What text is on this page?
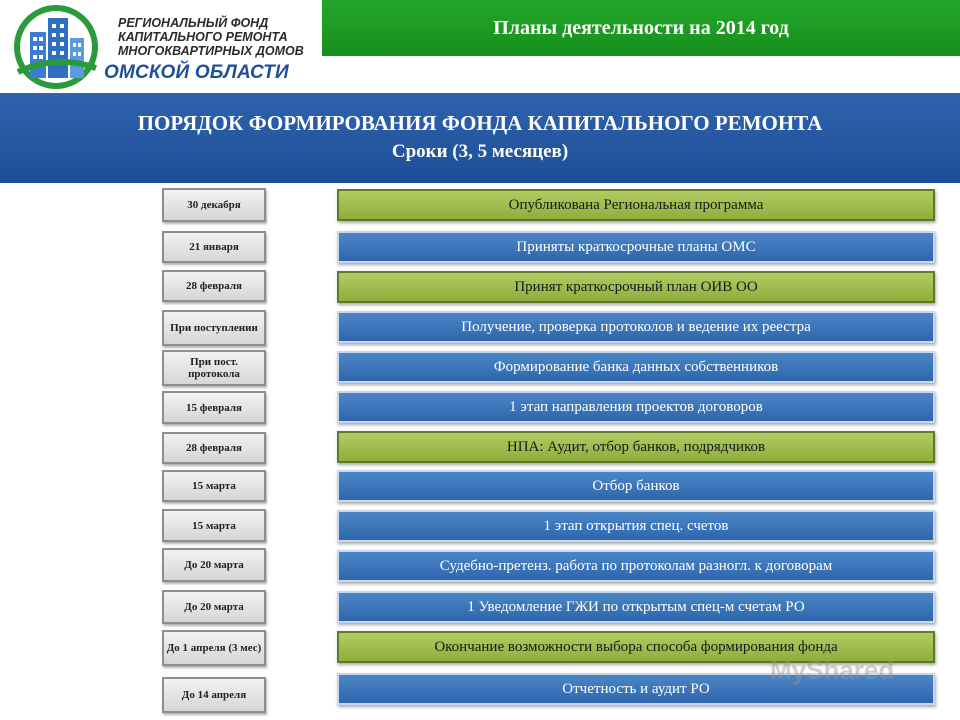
РЕГИОНАЛЬНЫЙ ФОНД
КАПИТАЛЬНОГО РЕМОНТА
МНОГОКВАРТИРНЫХ ДОМОВ
ОМСКОЙ ОБЛАСТИ
Планы деятельности на 2014 год
ПОРЯДОК ФОРМИРОВАНИЯ ФОНДА КАПИТАЛЬНОГО РЕМОНТА
Сроки (3, 5 месяцев)
30 декабря	Опубликована Региональная программа
21 января	Приняты краткосрочные планы ОМС
28 февраля	Принят краткосрочный план ОИВ ОО
При поступлении	Получение, проверка протоколов и ведение их реестра
При пост. протокола	Формирование банка данных собственников
15 февраля	1 этап направления проектов договоров
28 февраля	НПА: Аудит, отбор банков, подрядчиков
15 марта	Отбор банков
15 марта	1 этап открытия спец. счетов
До 20 марта	Судебно-претенз. работа по протоколам разногл. к договорам
До 20 марта	1 Уведомление ГЖИ по открытым спец-м счетам РО
До 1 апреля (3 мес)	Окончание возможности выбора способа формирования фонда
До 14 апреля	Отчетность и аудит РО
MyShared
